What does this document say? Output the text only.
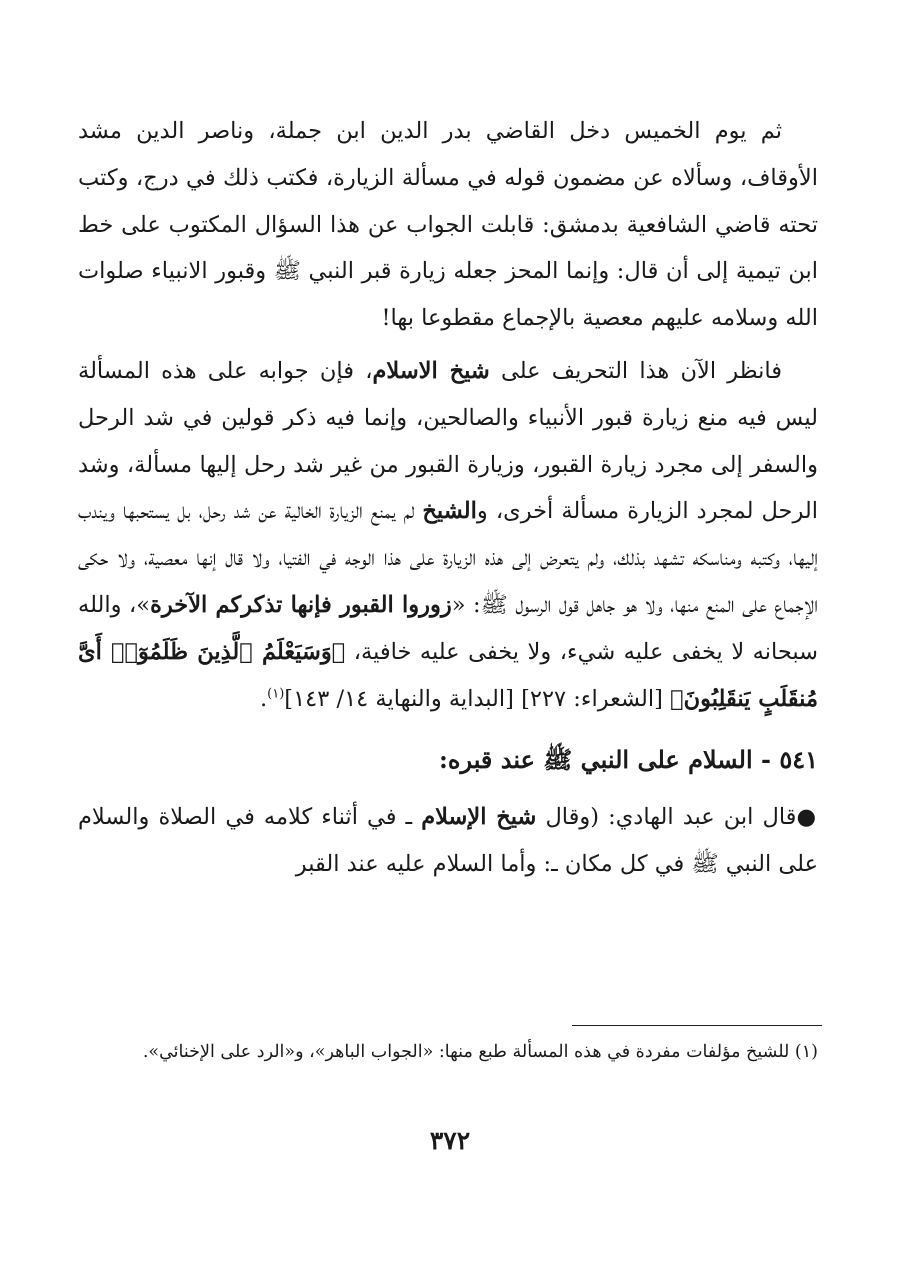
ثم يوم الخميس دخل القاضي بدر الدين ابن جملة، وناصر الدين مشد الأوقاف، وسألاه عن مضمون قوله في مسألة الزيارة، فكتب ذلك في درج، وكتب تحته قاضي الشافعية بدمشق: قابلت الجواب عن هذا السؤال المكتوب على خط ابن تيمية إلى أن قال: وإنما المحز جعله زيارة قبر النبي ﷺ وقبور الانبياء صلوات الله وسلامه عليهم معصية بالإجماع مقطوعا بها!

فانظر الآن هذا التحريف على شيخ الاسلام، فإن جوابه على هذه المسألة ليس فيه منع زيارة قبور الأنبياء والصالحين، وإنما فيه ذكر قولين في شد الرحل والسفر إلى مجرد زيارة القبور، وزيارة القبور من غير شد رحل إليها مسألة، وشد الرحل لمجرد الزيارة مسألة أخرى، والشيخ لم يمنع الزيارة الخالية عن شد رحل، بل يستحبها ويندب إليها، وكتبه ومناسكه تشهد بذلك، ولم يتعرض إلى هذه الزيارة على هذا الوجه في الفتيا، ولا قال إنها معصية، ولا حكى الإجماع على المنع منها، ولا هو جاهل قول الرسول ﷺ: «زوروا القبور فإنها تذكركم الآخرة»، والله سبحانه لا يخفى عليه شيء، ولا يخفى عليه خافية، ﴿وَسَيَعْلَمُ ٱلَّذِينَ ظَلَمُوٓا۟ أَىَّ مُنقَلَبٍ يَنقَلِبُونَ﴾ [الشعراء: ٢٢٧] [البداية والنهاية ١٤/ ١٤٣]$^{(١)}$.

٥٤١ - السلام على النبي ﷺ عند قبره:

●قال ابن عبد الهادي: (وقال شيخ الإسلام ـ في أثناء كلامه في الصلاة والسلام على النبي ﷺ في كل مكان ـ: وأما السلام عليه عند القبر

(١) للشيخ مؤلفات مفردة في هذه المسألة طبع منها: «الجواب الباهر»، و«الرد على الإخنائي».

٣٧٢
